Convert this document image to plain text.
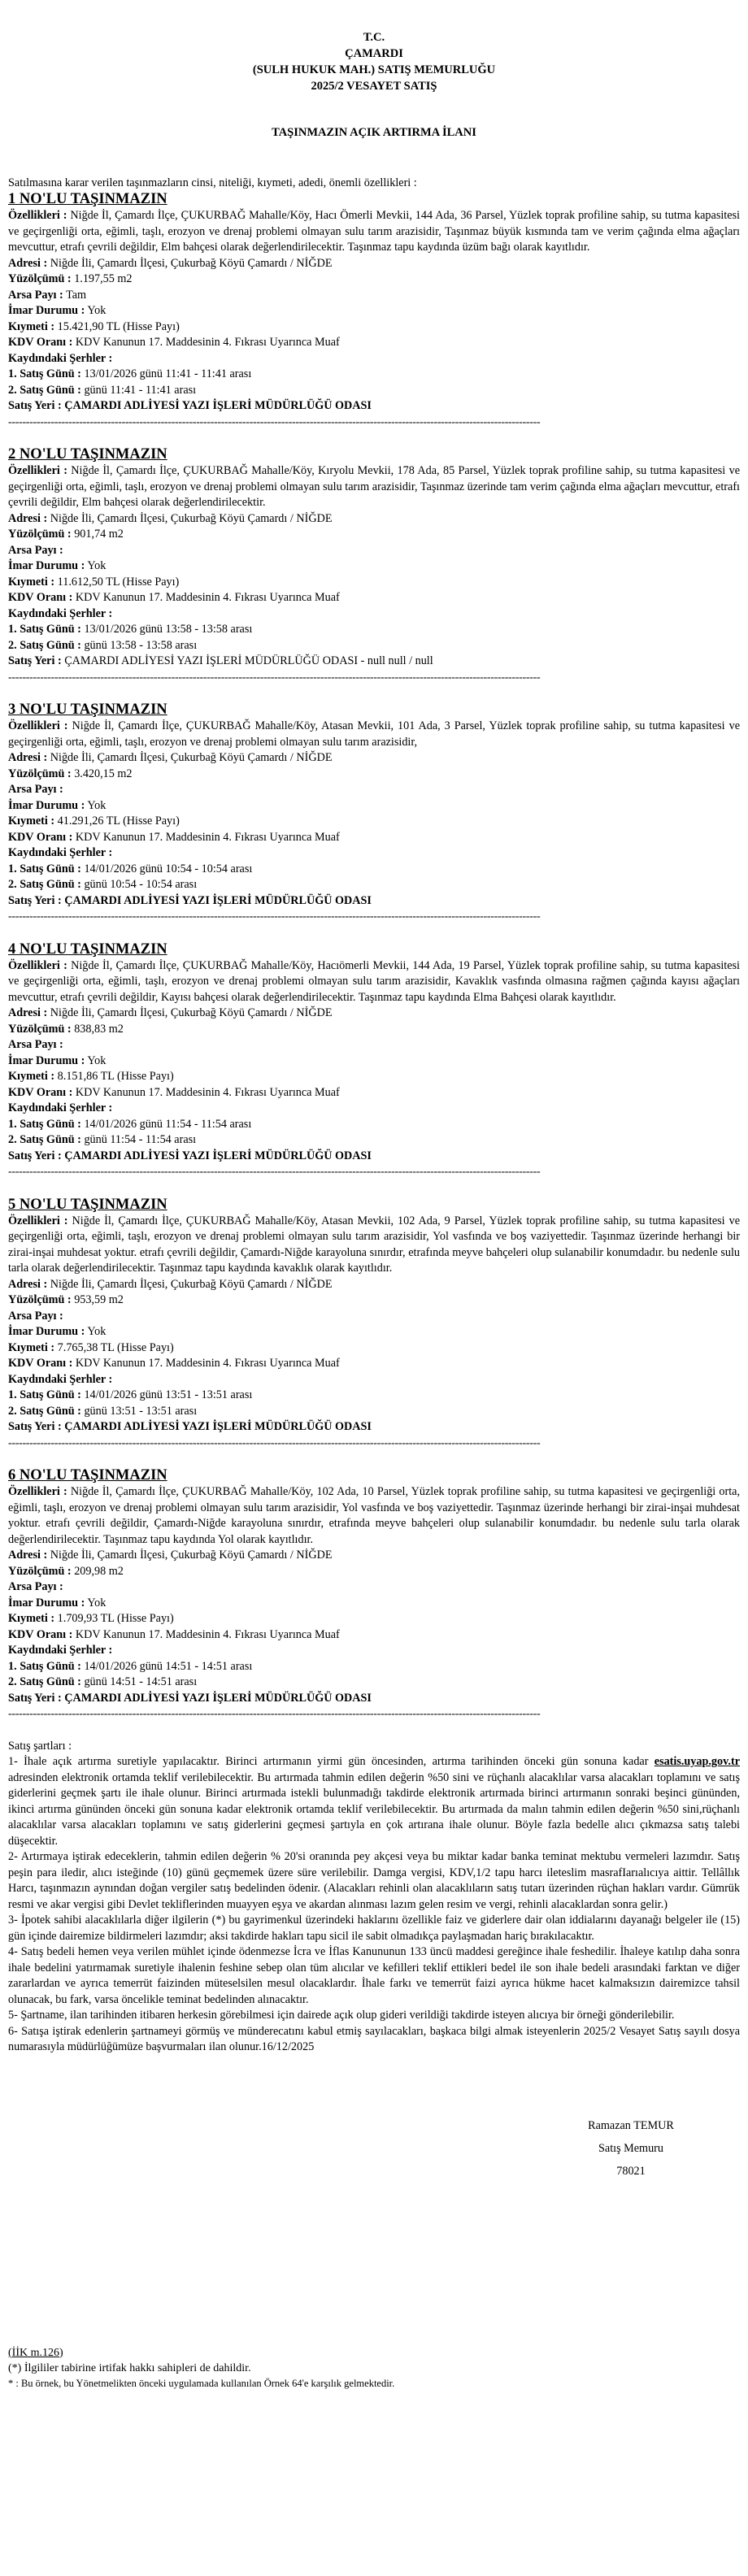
T.C.
ÇAMARDI
(SULH HUKUK MAH.) SATIŞ MEMURLUĞU
2025/2 VESAYET SATIŞ
TAŞINMAZIN AÇIK ARTIRMA İLANI
Satılmasına karar verilen taşınmazların cinsi, niteliği, kıymeti, adedi, önemli özellikleri :
1 NO'LU TAŞINMAZIN
Özellikleri : Niğde İl, Çamardı İlçe, ÇUKURBAĞ Mahalle/Köy, Hacı Ömerli Mevkii, 144 Ada, 36 Parsel, Yüzlek toprak profiline sahip, su tutma kapasitesi ve geçirgenliği orta, eğimli, taşlı, erozyon ve drenaj problemi olmayan sulu tarım arazisidir, Taşınmaz büyük kısmında tam ve verim çağında elma ağaçları mevcuttur, etrafı çevrili değildir, Elm bahçesi olarak değerlendirilecektir. Taşınmaz tapu kaydında üzüm bağı olarak kayıtlıdır.
Adresi : Niğde İli, Çamardı İlçesi, Çukurbağ Köyü Çamardı / NİĞDE
Yüzölçümü : 1.197,55 m2
Arsa Payı : Tam
İmar Durumu : Yok
Kıymeti : 15.421,90 TL (Hisse Payı)
KDV Oranı : KDV Kanunun 17. Maddesinin 4. Fıkrası Uyarınca Muaf
Kaydındaki Şerhler :
1. Satış Günü : 13/01/2026 günü 11:41 - 11:41 arası
2. Satış Günü : günü 11:41 - 11:41 arası
Satış Yeri : ÇAMARDI ADLİYESİ YAZI İŞLERİ MÜDÜRLÜĞÜ ODASI
------------------------------------------------------------------------------------------------------------------------------------------------------
2 NO'LU TAŞINMAZIN
Özellikleri : Niğde İl, Çamardı İlçe, ÇUKURBAĞ Mahalle/Köy, Kıryolu Mevkii, 178 Ada, 85 Parsel, Yüzlek toprak profiline sahip, su tutma kapasitesi ve geçirgenliği orta, eğimli, taşlı, erozyon ve drenaj problemi olmayan sulu tarım arazisidir, Taşınmaz üzerinde tam verim çağında elma ağaçları mevcuttur, etrafı çevrili değildir, Elm bahçesi olarak değerlendirilecektir.
Adresi : Niğde İli, Çamardı İlçesi, Çukurbağ Köyü Çamardı / NİĞDE
Yüzölçümü : 901,74 m2
Arsa Payı :
İmar Durumu : Yok
Kıymeti : 11.612,50 TL (Hisse Payı)
KDV Oranı : KDV Kanunun 17. Maddesinin 4. Fıkrası Uyarınca Muaf
Kaydındaki Şerhler :
1. Satış Günü : 13/01/2026 günü 13:58 - 13:58 arası
2. Satış Günü : günü 13:58 - 13:58 arası
Satış Yeri : ÇAMARDI ADLİYESİ YAZI İŞLERİ MÜDÜRLÜĞÜ ODASI - null null / null
------------------------------------------------------------------------------------------------------------------------------------------------------
3 NO'LU TAŞINMAZIN
Özellikleri : Niğde İl, Çamardı İlçe, ÇUKURBAĞ Mahalle/Köy, Atasan Mevkii, 101 Ada, 3 Parsel, Yüzlek toprak profiline sahip, su tutma kapasitesi ve geçirgenliği orta, eğimli, taşlı, erozyon ve drenaj problemi olmayan sulu tarım arazisidir,
Adresi : Niğde İli, Çamardı İlçesi, Çukurbağ Köyü Çamardı / NİĞDE
Yüzölçümü : 3.420,15 m2
Arsa Payı :
İmar Durumu : Yok
Kıymeti : 41.291,26 TL (Hisse Payı)
KDV Oranı : KDV Kanunun 17. Maddesinin 4. Fıkrası Uyarınca Muaf
Kaydındaki Şerhler :
1. Satış Günü : 14/01/2026 günü 10:54 - 10:54 arası
2. Satış Günü : günü 10:54 - 10:54 arası
Satış Yeri : ÇAMARDI ADLİYESİ YAZI İŞLERİ MÜDÜRLÜĞÜ ODASI
------------------------------------------------------------------------------------------------------------------------------------------------------
4 NO'LU TAŞINMAZIN
Özellikleri : Niğde İl, Çamardı İlçe, ÇUKURBAĞ Mahalle/Köy, Hacıömerli Mevkii, 144 Ada, 19 Parsel, Yüzlek toprak profiline sahip, su tutma kapasitesi ve geçirgenliği orta, eğimli, taşlı, erozyon ve drenaj problemi olmayan sulu tarım arazisidir, Kavaklık vasfında olmasına rağmen çağında kayısı ağaçları mevcuttur, etrafı çevrili değildir, Kayısı bahçesi olarak değerlendirilecektir. Taşınmaz tapu kaydında Elma Bahçesi olarak kayıtlıdır.
Adresi : Niğde İli, Çamardı İlçesi, Çukurbağ Köyü Çamardı / NİĞDE
Yüzölçümü : 838,83 m2
Arsa Payı :
İmar Durumu : Yok
Kıymeti : 8.151,86 TL (Hisse Payı)
KDV Oranı : KDV Kanunun 17. Maddesinin 4. Fıkrası Uyarınca Muaf
Kaydındaki Şerhler :
1. Satış Günü : 14/01/2026 günü 11:54 - 11:54 arası
2. Satış Günü : günü 11:54 - 11:54 arası
Satış Yeri : ÇAMARDI ADLİYESİ YAZI İŞLERİ MÜDÜRLÜĞÜ ODASI
------------------------------------------------------------------------------------------------------------------------------------------------------
5 NO'LU TAŞINMAZIN
Özellikleri : Niğde İl, Çamardı İlçe, ÇUKURBAĞ Mahalle/Köy, Atasan Mevkii, 102 Ada, 9 Parsel, Yüzlek toprak profiline sahip, su tutma kapasitesi ve geçirgenliği orta, eğimli, taşlı, erozyon ve drenaj problemi olmayan sulu tarım arazisidir, Yol vasfında ve boş vaziyettedir. Taşınmaz üzerinde herhangi bir zirai-inşai muhdesat yoktur. etrafı çevrili değildir, Çamardı-Niğde karayoluna sınırdır, etrafında meyve bahçeleri olup sulanabilir konumdadır. bu nedenle sulu tarla olarak değerlendirilecektir. Taşınmaz tapu kaydında kavaklık olarak kayıtlıdır.
Adresi : Niğde İli, Çamardı İlçesi, Çukurbağ Köyü Çamardı / NİĞDE
Yüzölçümü : 953,59 m2
Arsa Payı :
İmar Durumu : Yok
Kıymeti : 7.765,38 TL (Hisse Payı)
KDV Oranı : KDV Kanunun 17. Maddesinin 4. Fıkrası Uyarınca Muaf
Kaydındaki Şerhler :
1. Satış Günü : 14/01/2026 günü 13:51 - 13:51 arası
2. Satış Günü : günü 13:51 - 13:51 arası
Satış Yeri : ÇAMARDI ADLİYESİ YAZI İŞLERİ MÜDÜRLÜĞÜ ODASI
------------------------------------------------------------------------------------------------------------------------------------------------------
6 NO'LU TAŞINMAZIN
Özellikleri : Niğde İl, Çamardı İlçe, ÇUKURBAĞ Mahalle/Köy, 102 Ada, 10 Parsel, Yüzlek toprak profiline sahip, su tutma kapasitesi ve geçirgenliği orta, eğimli, taşlı, erozyon ve drenaj problemi olmayan sulu tarım arazisidir, Yol vasfında ve boş vaziyettedir. Taşınmaz üzerinde herhangi bir zirai-inşai muhdesat yoktur. etrafı çevrili değildir, Çamardı-Niğde karayoluna sınırdır, etrafında meyve bahçeleri olup sulanabilir konumdadır. bu nedenle sulu tarla olarak değerlendirilecektir. Taşınmaz tapu kaydında Yol olarak kayıtlıdır.
Adresi : Niğde İli, Çamardı İlçesi, Çukurbağ Köyü Çamardı / NİĞDE
Yüzölçümü : 209,98 m2
Arsa Payı :
İmar Durumu : Yok
Kıymeti : 1.709,93 TL (Hisse Payı)
KDV Oranı : KDV Kanunun 17. Maddesinin 4. Fıkrası Uyarınca Muaf
Kaydındaki Şerhler :
1. Satış Günü : 14/01/2026 günü 14:51 - 14:51 arası
2. Satış Günü : günü 14:51 - 14:51 arası
Satış Yeri : ÇAMARDI ADLİYESİ YAZI İŞLERİ MÜDÜRLÜĞÜ ODASI
------------------------------------------------------------------------------------------------------------------------------------------------------
Satış şartları :
1- İhale açık artırma suretiyle yapılacaktır. Birinci artırmanın yirmi gün öncesinden, artırma tarihinden önceki gün sonuna kadar esatis.uyap.gov.tr adresinden elektronik ortamda teklif verilebilecektir. Bu artırmada tahmin edilen değerin %50 sini ve rüçhanlı alacaklılar varsa alacakları toplamını ve satış giderlerini geçmek şartı ile ihale olunur. Birinci artırmada istekli bulunmadığı takdirde elektronik artırmada birinci artırmanın sonraki beşinci gününden, ikinci artırma gününden önceki gün sonuna kadar elektronik ortamda teklif verilebilecektir. Bu artırmada da malın tahmin edilen değerin %50 sini,rüçhanlı alacaklılar varsa alacakları toplamını ve satış giderlerini geçmesi şartıyla en çok artırana ihale olunur. Böyle fazla bedelle alıcı çıkmazsa satış talebi düşecektir.
2- Artırmaya iştirak edeceklerin, tahmin edilen değerin % 20'si oranında pey akçesi veya bu miktar kadar banka teminat mektubu vermeleri lazımdır. Satış peşin para iledir, alıcı isteğinde (10) günü geçmemek üzere süre verilebilir. Damga vergisi, KDV,1/2 tapu harcı ileteslim masrafIarıalıcıya aittir. Tellâllık Harcı, taşınmazın aynından doğan vergiler satış bedelinden ödenir. (Alacakları rehinli olan alacaklıların satış tutarı üzerinden rüçhan hakları vardır. Gümrük resmi ve akar vergisi gibi Devlet tekliflerinden muayyen eşya ve akardan alınması lazım gelen resim ve vergi, rehinli alacaklardan sonra gelir.)
3- İpotek sahibi alacaklılarla diğer ilgilerin (*) bu gayrimenkul üzerindeki haklarını özellikle faiz ve giderlere dair olan iddialarını dayanağı belgeler ile (15) gün içinde dairemize bildirmeleri lazımdır; aksi takdirde hakları tapu sicil ile sabit olmadıkça paylaşmadan hariç bırakılacaktır.
4- Satış bedeli hemen veya verilen mühlet içinde ödenmezse İcra ve İflas Kanununun 133 üncü maddesi gereğince ihale feshedilir. İhaleye katılıp daha sonra ihale bedelini yatırmamak suretiyle ihalenin feshine sebep olan tüm alıcılar ve kefilleri teklif ettikleri bedel ile son ihale bedeli arasındaki farktan ve diğer zararlardan ve ayrıca temerrüt faizinden müteselsilen mesul olacaklardır. İhale farkı ve temerrüt faizi ayrıca hükme hacet kalmaksızın dairemizce tahsil olunacak, bu fark, varsa öncelikle teminat bedelinden alınacaktır.
5- Şartname, ilan tarihinden itibaren herkesin görebilmesi için dairede açık olup gideri verildiği takdirde isteyen alıcıya bir örneği gönderilebilir.
6- Satışa iştirak edenlerin şartnameyi görmüş ve münderecatını kabul etmiş sayılacakları, başkaca bilgi almak isteyenlerin 2025/2 Vesayet Satış sayılı dosya numarasıyla müdürlüğümüze başvurmaları ilan olunur.16/12/2025
Ramazan TEMUR
Satış Memuru
78021
(İİK m.126)
(*) İlgililer tabirine irtifak hakkı sahipleri de dahildir.
* : Bu örnek, bu Yönetmelikten önceki uygulamada kullanılan Örnek 64'e karşılık gelmektedir.
